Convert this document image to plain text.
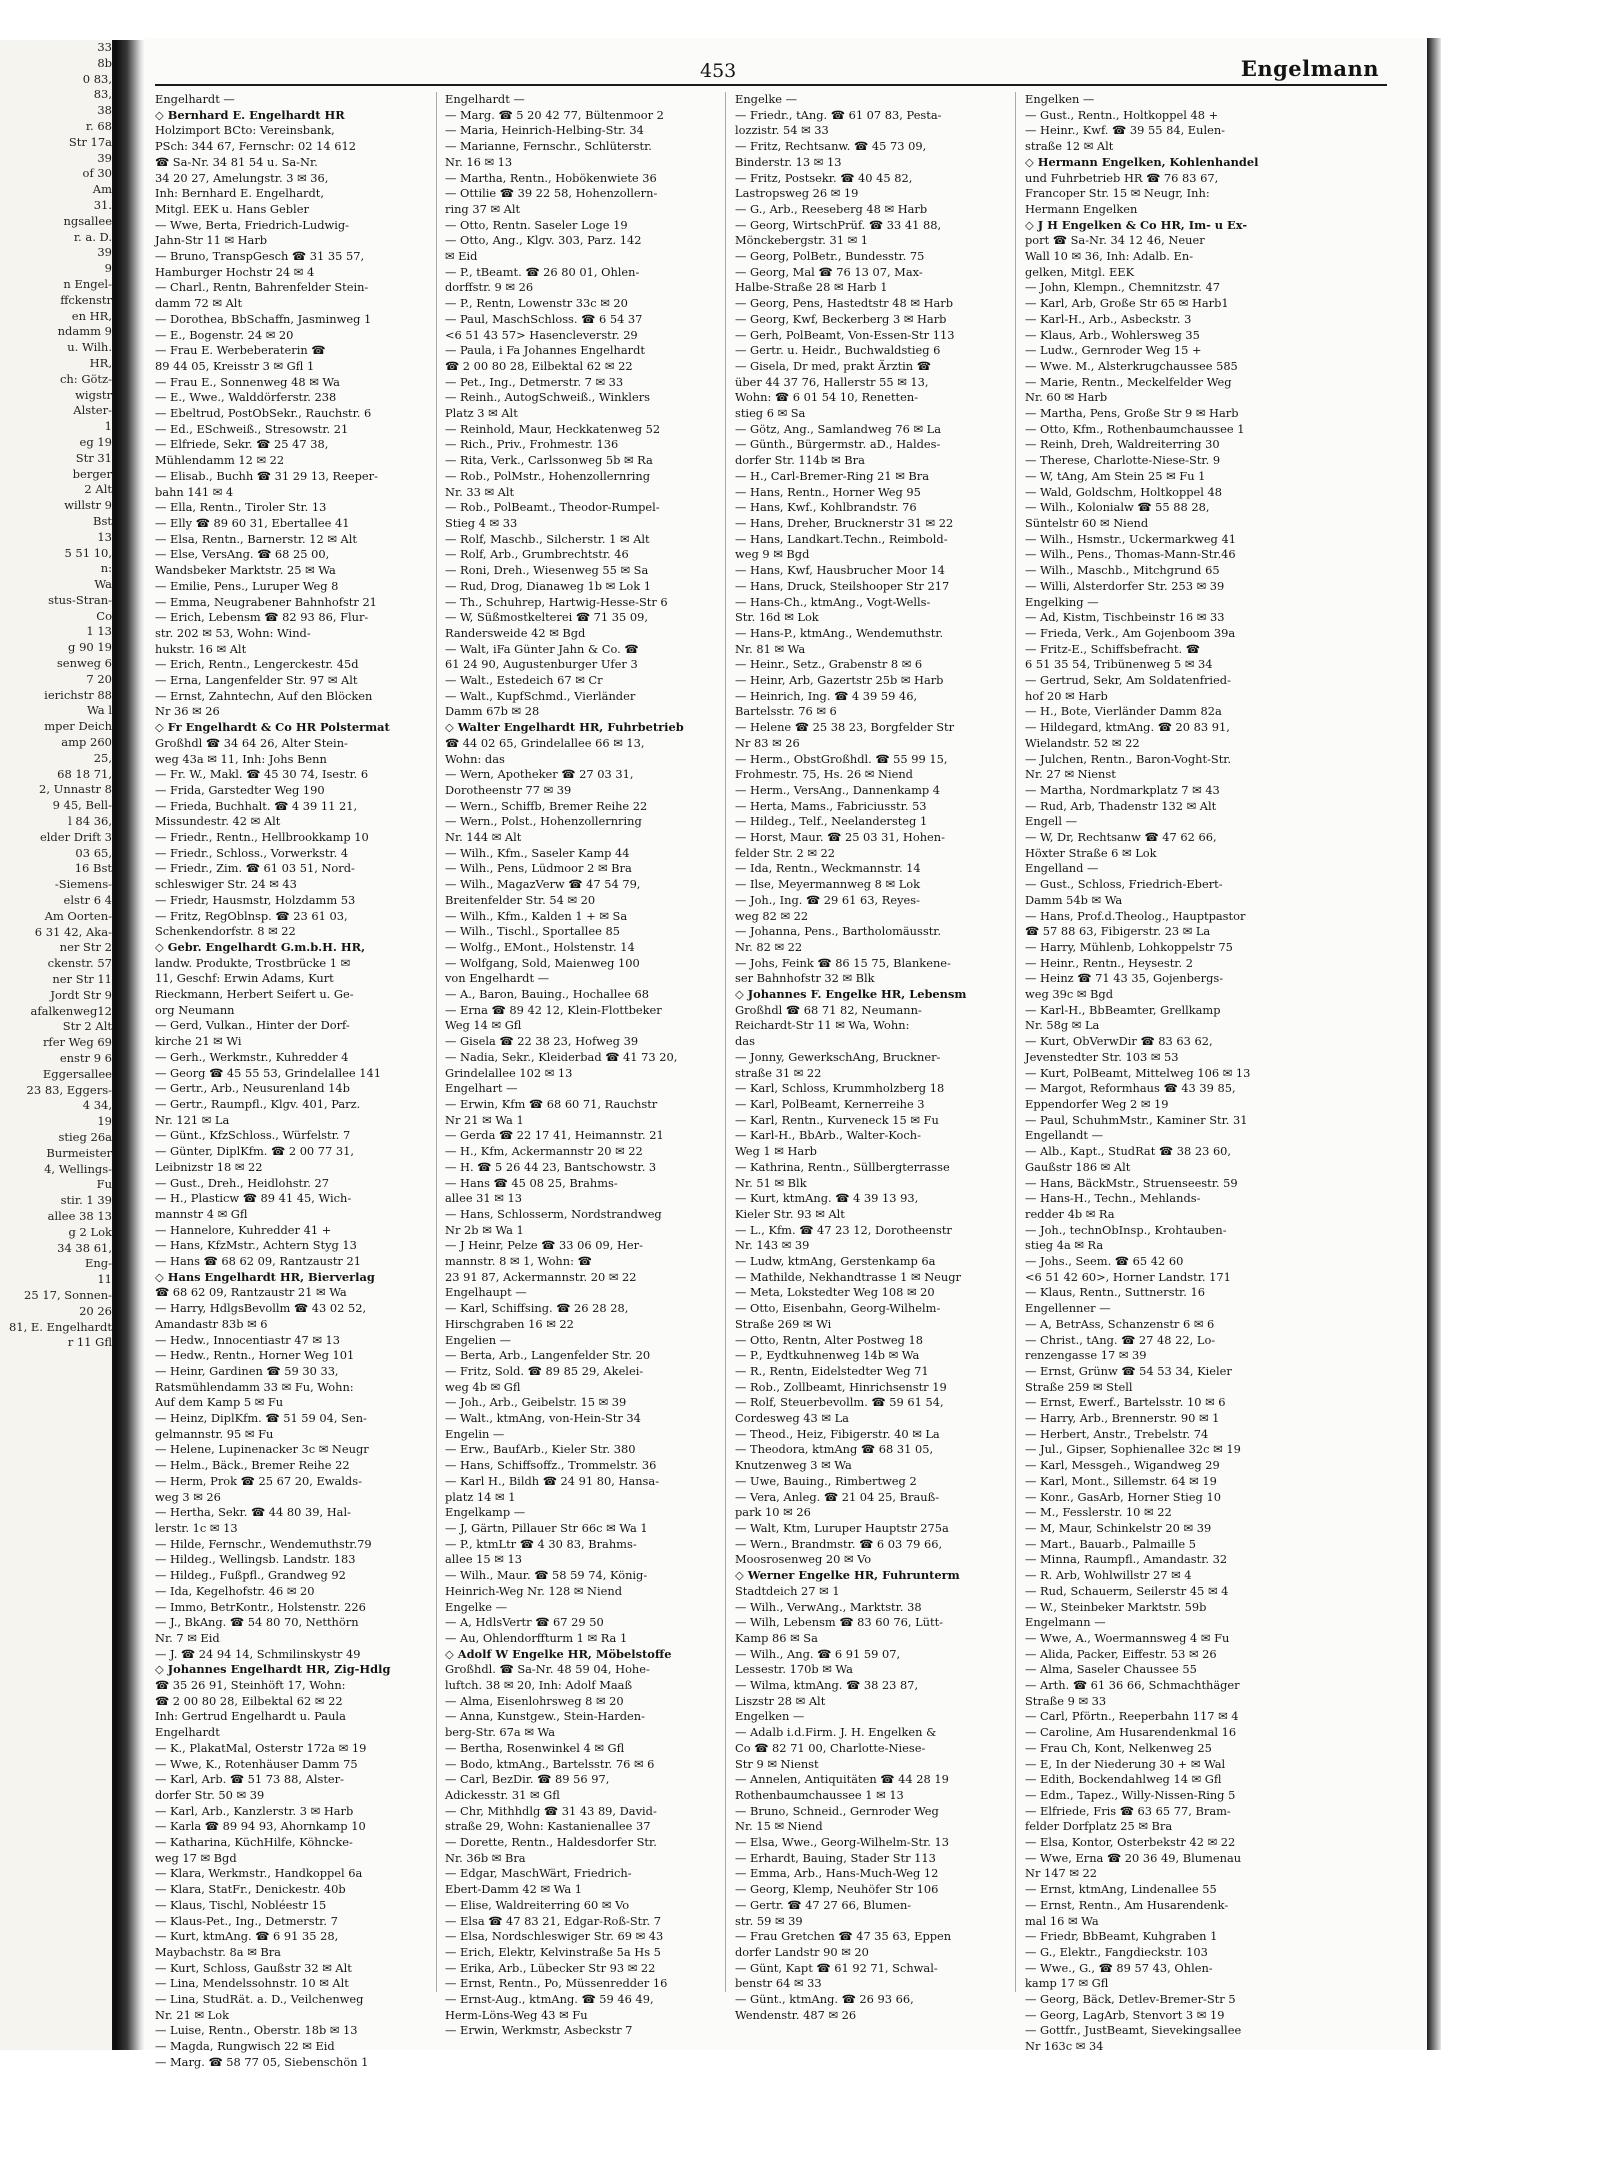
33
8b
0 83,
83,
38
r. 68
Str 17a
39
of 30
Am
31.
ngsallee
r. a. D.
39
9
n Engel-
ffckenstr
en HR,
ndamm 9
u. Wilh.
HR,
ch: Götz-
wigstr
Alster-
1
eg 19
Str 31
berger
2 Alt
willstr 9
Bst
13
5 51 10,
n:
Wa
stus-Stran-
Co
1 13
g 90 19
senweg 6
7 20
ierichstr 88
Wa l
mper Deich
amp 260
25,
68 18 71,
2, Unnastr 8
9 45, Bell-
l 84 36,
elder Drift 3
03 65,
16 Bst
-Siemens-
elstr 6 4
Am Oorten-
6 31 42, Aka-
ner Str 2
ckenstr. 57
ner Str 11
Jordt Str 9
afalkenweg12
Str 2 Alt
rfer Weg 69
enstr 9 6
Eggersallee
23 83, Eggers-
4 34,
19
stieg 26a
Burmeister
4, Wellings-
Fu
stir. 1 39
allee 38 13
g 2 Lok
34 38 61,
Eng-
11
25 17, Sonnen-
20 26
81, E. Engelhardt
r 11 Gfl
453	Engelmann
Engelhardt —
◇ Bernhard E. Engelhardt HR
Holzimport BCto: Vereinsbank,
PSch: 344 67, Fernschr: 02 14 612
☎ Sa-Nr. 34 81 54 u. Sa-Nr.
34 20 27, Amelungstr. 3 ✉ 36,
Inh: Bernhard E. Engelhardt,
Mitgl. EEK u. Hans Gebler
— Wwe, Berta, Friedrich-Ludwig-
Jahn-Str 11 ✉ Harb
— Bruno, TranspGesch ☎ 31 35 57,
Hamburger Hochstr 24 ✉ 4
— Charl., Rentn, Bahrenfelder Stein-
damm 72 ✉ Alt
— Dorothea, BbSchaffn, Jasminweg 1
— E., Bogenstr. 24 ✉ 20
— Frau E. Werbeberaterin ☎
89 44 05, Kreisstr 3 ✉ Gfl 1
— Frau E., Sonnenweg 48 ✉ Wa
— E., Wwe., Walddörferstr. 238
— Ebeltrud, PostObSekr., Rauchstr. 6
— Ed., ESchweiß., Stresowstr. 21
— Elfriede, Sekr. ☎ 25 47 38,
Mühlendamm 12 ✉ 22
— Elisab., Buchh ☎ 31 29 13, Reeper-
bahn 141 ✉ 4
— Ella, Rentn., Tiroler Str. 13
— Elly ☎ 89 60 31, Ebertallee 41
— Elsa, Rentn., Barnerstr. 12 ✉ Alt
— Else, VersAng. ☎ 68 25 00,
Wandsbeker Marktstr. 25 ✉ Wa
— Emilie, Pens., Luruper Weg 8
— Emma, Neugrabener Bahnhofstr 21
— Erich, Lebensm ☎ 82 93 86, Flur-
str. 202 ✉ 53, Wohn: Wind-
hukstr. 16 ✉ Alt
— Erich, Rentn., Lengerckestr. 45d
— Erna, Langenfelder Str. 97 ✉ Alt
— Ernst, Zahntechn, Auf den Blöcken
Nr 36 ✉ 26
◇ Fr Engelhardt & Co HR Polstermat
Großhdl ☎ 34 64 26, Alter Stein-
weg 43a ✉ 11, Inh: Johs Benn
— Fr. W., Makl. ☎ 45 30 74, Isestr. 6
— Frida, Garstedter Weg 190
— Frieda, Buchhalt. ☎ 4 39 11 21,
Missundestr. 42 ✉ Alt
— Friedr., Rentn., Hellbrookkamp 10
— Friedr., Schloss., Vorwerkstr. 4
— Friedr., Zim. ☎ 61 03 51, Nord-
schleswiger Str. 24 ✉ 43
— Friedr, Hausmstr, Holzdamm 53
— Fritz, RegOblnsp. ☎ 23 61 03,
Schenkendorfstr. 8 ✉ 22
◇ Gebr. Engelhardt G.m.b.H. HR,
landw. Produkte, Trostbrücke 1 ✉
11, Geschf: Erwin Adams, Kurt
Rieckmann, Herbert Seifert u. Ge-
org Neumann
— Gerd, Vulkan., Hinter der Dorf-
kirche 21 ✉ Wi
— Gerh., Werkmstr., Kuhredder 4
— Georg ☎ 45 55 53, Grindelallee 141
— Gertr., Arb., Neusurenland 14b
— Gertr., Raumpfl., Klgv. 401, Parz.
Nr. 121 ✉ La
— Günt., KfzSchloss., Würfelstr. 7
— Günter, DiplKfm. ☎ 2 00 77 31,
Leibnizstr 18 ✉ 22
— Gust., Dreh., Heidlohstr. 27
— H., Plasticw ☎ 89 41 45, Wich-
mannstr 4 ✉ Gfl
— Hannelore, Kuhredder 41 +
— Hans, KfzMstr., Achtern Styg 13
— Hans ☎ 68 62 09, Rantzaustr 21
◇ Hans Engelhardt HR, Bierverlag
☎ 68 62 09, Rantzaustr 21 ✉ Wa
— Harry, HdlgsBevollm ☎ 43 02 52,
Amandastr 83b ✉ 6
— Hedw., Innocentiastr 47 ✉ 13
— Hedw., Rentn., Horner Weg 101
— Heinr, Gardinen ☎ 59 30 33,
Ratsmühlendamm 33 ✉ Fu, Wohn:
Auf dem Kamp 5 ✉ Fu
— Heinz, DiplKfm. ☎ 51 59 04, Sen-
gelmannstr. 95 ✉ Fu
— Helene, Lupinenacker 3c ✉ Neugr
— Helm., Bäck., Bremer Reihe 22
— Herm, Prok ☎ 25 67 20, Ewalds-
weg 3 ✉ 26
— Hertha, Sekr. ☎ 44 80 39, Hal-
lerstr. 1c ✉ 13
— Hilde, Fernschr., Wendemuthstr.79
— Hildeg., Wellingsb. Landstr. 183
— Hildeg., Fußpfl., Grandweg 92
— Ida, Kegelhofstr. 46 ✉ 20
— Immo, BetrKontr., Holstenstr. 226
— J., BkAng. ☎ 54 80 70, Netthörn
Nr. 7 ✉ Eid
— J. ☎ 24 94 14, Schmilinskystr 49
◇ Johannes Engelhardt HR, Zig-Hdlg
☎ 35 26 91, Steinhöft 17, Wohn:
☎ 2 00 80 28, Eilbektal 62 ✉ 22
Inh: Gertrud Engelhardt u. Paula
Engelhardt
— K., PlakatMal, Osterstr 172a ✉ 19
— Wwe, K., Rotenhäuser Damm 75
— Karl, Arb. ☎ 51 73 88, Alster-
dorfer Str. 50 ✉ 39
— Karl, Arb., Kanzlerstr. 3 ✉ Harb
— Karla ☎ 89 94 93, Ahornkamp 10
— Katharina, KüchHilfe, Köhncke-
weg 17 ✉ Bgd
— Klara, Werkmstr., Handkoppel 6a
— Klara, StatFr., Denickestr. 40b
— Klaus, Tischl, Nobléestr 15
— Klaus-Pet., Ing., Detmerstr. 7
— Kurt, ktmAng. ☎ 6 91 35 28,
Maybachstr. 8a ✉ Bra
— Kurt, Schloss, Gaußstr 32 ✉ Alt
— Lina, Mendelssohnstr. 10 ✉ Alt
— Lina, StudRät. a. D., Veilchenweg
Nr. 21 ✉ Lok
— Luise, Rentn., Oberstr. 18b ✉ 13
— Magda, Rungwisch 22 ✉ Eid
— Marg. ☎ 58 77 05, Siebenschön 1
Engelhardt —
— Marg. ☎ 5 20 42 77, Bültenmoor 2
— Maria, Heinrich-Helbing-Str. 34
— Marianne, Fernschr., Schlüterstr.
Nr. 16 ✉ 13
— Martha, Rentn., Hobökenwiete 36
— Ottilie ☎ 39 22 58, Hohenzollern-
ring 37 ✉ Alt
— Otto, Rentn. Saseler Loge 19
— Otto, Ang., Klgv. 303, Parz. 142
✉ Eid
— P., tBeamt. ☎ 26 80 01, Ohlen-
dorffstr. 9 ✉ 26
— P., Rentn, Lowenstr 33c ✉ 20
— Paul, MaschSchloss. ☎ 6 54 37
<6 51 43 57> Hasencleverstr. 29
— Paula, i Fa Johannes Engelhardt
☎ 2 00 80 28, Eilbektal 62 ✉ 22
— Pet., Ing., Detmerstr. 7 ✉ 33
— Reinh., AutogSchweiß., Winklers
Platz 3 ✉ Alt
— Reinhold, Maur, Heckkatenweg 52
— Rich., Priv., Frohmestr. 136
— Rita, Verk., Carlssonweg 5b ✉ Ra
— Rob., PolMstr., Hohenzollernring
Nr. 33 ✉ Alt
— Rob., PolBeamt., Theodor-Rumpel-
Stieg 4 ✉ 33
— Rolf, Maschb., Silcherstr. 1 ✉ Alt
— Rolf, Arb., Grumbrechtstr. 46
— Roni, Dreh., Wiesenweg 55 ✉ Sa
— Rud, Drog, Dianaweg 1b ✉ Lok 1
— Th., Schuhrep, Hartwig-Hesse-Str 6
— W, Süßmostkelterei ☎ 71 35 09,
Randersweide 42 ✉ Bgd
— Walt, iFa Günter Jahn & Co. ☎
61 24 90, Augustenburger Ufer 3
— Walt., Estedeich 67 ✉ Cr
— Walt., KupfSchmd., Vierländer
Damm 67b ✉ 28
◇ Walter Engelhardt HR, Fuhrbetrieb
☎ 44 02 65, Grindelallee 66 ✉ 13,
Wohn: das
— Wern, Apotheker ☎ 27 03 31,
Dorotheenstr 77 ✉ 39
— Wern., Schiffb, Bremer Reihe 22
— Wern., Polst., Hohenzollernring
Nr. 144 ✉ Alt
— Wilh., Kfm., Saseler Kamp 44
— Wilh., Pens, Lüdmoor 2 ✉ Bra
— Wilh., MagazVerw ☎ 47 54 79,
Breitenfelder Str. 54 ✉ 20
— Wilh., Kfm., Kalden 1 + ✉ Sa
— Wilh., Tischl., Sportallee 85
— Wolfg., EMont., Holstenstr. 14
— Wolfgang, Sold, Maienweg 100
von Engelhardt —
— A., Baron, Bauing., Hochallee 68
— Erna ☎ 89 42 12, Klein-Flottbeker
Weg 14 ✉ Gfl
— Gisela ☎ 22 38 23, Hofweg 39
— Nadia, Sekr., Kleiderbad ☎ 41 73 20,
Grindelallee 102 ✉ 13
Engelhart —
— Erwin, Kfm ☎ 68 60 71, Rauchstr
Nr 21 ✉ Wa 1
— Gerda ☎ 22 17 41, Heimannstr. 21
— H., Kfm, Ackermannstr 20 ✉ 22
— H. ☎ 5 26 44 23, Bantschowstr. 3
— Hans ☎ 45 08 25, Brahms-
allee 31 ✉ 13
— Hans, Schlosserm, Nordstrandweg
Nr 2b ✉ Wa 1
— J Heinr, Pelze ☎ 33 06 09, Her-
mannstr. 8 ✉ 1, Wohn: ☎
23 91 87, Ackermannstr. 20 ✉ 22
Engelhaupt —
— Karl, Schiffsing. ☎ 26 28 28,
Hirschgraben 16 ✉ 22
Engelien —
— Berta, Arb., Langenfelder Str. 20
— Fritz, Sold. ☎ 89 85 29, Akelei-
weg 4b ✉ Gfl
— Joh., Arb., Geibelstr. 15 ✉ 39
— Walt., ktmAng, von-Hein-Str 34
Engelin —
— Erw., BaufArb., Kieler Str. 380
— Hans, Schiffsoffz., Trommelstr. 36
— Karl H., Bildh ☎ 24 91 80, Hansa-
platz 14 ✉ 1
Engelkamp —
— J, Gärtn, Pillauer Str 66c ✉ Wa 1
— P., ktmLtr ☎ 4 30 83, Brahms-
allee 15 ✉ 13
— Wilh., Maur. ☎ 58 59 74, König-
Heinrich-Weg Nr. 128 ✉ Niend
Engelke —
— A, HdlsVertr ☎ 67 29 50
— Au, Ohlendorffturm 1 ✉ Ra 1
◇ Adolf W Engelke HR, Möbelstoffe
Großhdl. ☎ Sa-Nr. 48 59 04, Hohe-
luftch. 38 ✉ 20, Inh: Adolf Maaß
— Alma, Eisenlohrsweg 8 ✉ 20
— Anna, Kunstgew., Stein-Harden-
berg-Str. 67a ✉ Wa
— Bertha, Rosenwinkel 4 ✉ Gfl
— Bodo, ktmAng., Bartelsstr. 76 ✉ 6
— Carl, BezDir. ☎ 89 56 97,
Adickesstr. 31 ✉ Gfl
— Chr, Mithhdlg ☎ 31 43 89, David-
straße 29, Wohn: Kastanienallee 37
— Dorette, Rentn., Haldesdorfer Str.
Nr. 36b ✉ Bra
— Edgar, MaschWärt, Friedrich-
Ebert-Damm 42 ✉ Wa 1
— Elise, Waldreiterring 60 ✉ Vo
— Elsa ☎ 47 83 21, Edgar-Roß-Str. 7
— Elsa, Nordschleswiger Str. 69 ✉ 43
— Erich, Elektr, Kelvinstraße 5a Hs 5
— Erika, Arb., Lübecker Str 93 ✉ 22
— Ernst, Rentn., Po, Müssenredder 16
— Ernst-Aug., ktmAng. ☎ 59 46 49,
Herm-Löns-Weg 43 ✉ Fu
— Erwin, Werkmstr, Asbeckstr 7
Engelke —
— Friedr., tAng. ☎ 61 07 83, Pesta-
lozzistr. 54 ✉ 33
— Fritz, Rechtsanw. ☎ 45 73 09,
Binderstr. 13 ✉ 13
— Fritz, Postsekr. ☎ 40 45 82,
Lastropsweg 26 ✉ 19
— G., Arb., Reeseberg 48 ✉ Harb
— Georg, WirtschPrüf. ☎ 33 41 88,
Mönckebergstr. 31 ✉ 1
— Georg, PolBetr., Bundesstr. 75
— Georg, Mal ☎ 76 13 07, Max-
Halbe-Straße 28 ✉ Harb 1
— Georg, Pens, Hastedtstr 48 ✉ Harb
— Georg, Kwf, Beckerberg 3 ✉ Harb
— Gerh, PolBeamt, Von-Essen-Str 113
— Gertr. u. Heidr., Buchwaldstieg 6
— Gisela, Dr med, prakt Ärztin ☎
über 44 37 76, Hallerstr 55 ✉ 13,
Wohn: ☎ 6 01 54 10, Renetten-
stieg 6 ✉ Sa
— Götz, Ang., Samlandweg 76 ✉ La
— Günth., Bürgermstr. aD., Haldes-
dorfer Str. 114b ✉ Bra
— H., Carl-Bremer-Ring 21 ✉ Bra
— Hans, Rentn., Horner Weg 95
— Hans, Kwf., Kohlbrandstr. 76
— Hans, Dreher, Brucknerstr 31 ✉ 22
— Hans, Landkart.Techn., Reimbold-
weg 9 ✉ Bgd
— Hans, Kwf, Hausbrucher Moor 14
— Hans, Druck, Steilshooper Str 217
— Hans-Ch., ktmAng., Vogt-Wells-
Str. 16d ✉ Lok
— Hans-P., ktmAng., Wendemuthstr.
Nr. 81 ✉ Wa
— Heinr., Setz., Grabenstr 8 ✉ 6
— Heinr, Arb, Gazertstr 25b ✉ Harb
— Heinrich, Ing. ☎ 4 39 59 46,
Bartelsstr. 76 ✉ 6
— Helene ☎ 25 38 23, Borgfelder Str
Nr 83 ✉ 26
— Herm., ObstGroßhdl. ☎ 55 99 15,
Frohmestr. 75, Hs. 26 ✉ Niend
— Herm., VersAng., Dannenkamp 4
— Herta, Mams., Fabriciusstr. 53
— Hildeg., Telf., Neelandersteg 1
— Horst, Maur. ☎ 25 03 31, Hohen-
felder Str. 2 ✉ 22
— Ida, Rentn., Weckmannstr. 14
— Ilse, Meyermannweg 8 ✉ Lok
— Joh., Ing. ☎ 29 61 63, Reyes-
weg 82 ✉ 22
— Johanna, Pens., Bartholomäusstr.
Nr. 82 ✉ 22
— Johs, Feink ☎ 86 15 75, Blankene-
ser Bahnhofstr 32 ✉ Blk
◇ Johannes F. Engelke HR, Lebensm
Großhdl ☎ 68 71 82, Neumann-
Reichardt-Str 11 ✉ Wa, Wohn:
das
— Jonny, GewerkschAng, Bruckner-
straße 31 ✉ 22
— Karl, Schloss, Krummholzberg 18
— Karl, PolBeamt, Kernerreihe 3
— Karl, Rentn., Kurveneck 15 ✉ Fu
— Karl-H., BbArb., Walter-Koch-
Weg 1 ✉ Harb
— Kathrina, Rentn., Süllbergterrasse
Nr. 51 ✉ Blk
— Kurt, ktmAng. ☎ 4 39 13 93,
Kieler Str. 93 ✉ Alt
— L., Kfm. ☎ 47 23 12, Dorotheenstr
Nr. 143 ✉ 39
— Ludw, ktmAng, Gerstenkamp 6a
— Mathilde, Nekhandtrasse 1 ✉ Neugr
— Meta, Lokstedter Weg 108 ✉ 20
— Otto, Eisenbahn, Georg-Wilhelm-
Straße 269 ✉ Wi
— Otto, Rentn, Alter Postweg 18
— P., Eydtkuhnenweg 14b ✉ Wa
— R., Rentn, Eidelstedter Weg 71
— Rob., Zollbeamt, Hinrichsenstr 19
— Rolf, Steuerbevollm. ☎ 59 61 54,
Cordesweg 43 ✉ La
— Theod., Heiz, Fibigerstr. 40 ✉ La
— Theodora, ktmAng ☎ 68 31 05,
Knutzenweg 3 ✉ Wa
— Uwe, Bauing., Rimbertweg 2
— Vera, Anleg. ☎ 21 04 25, Brauß-
park 10 ✉ 26
— Walt, Ktm, Luruper Hauptstr 275a
— Wern., Brandmstr. ☎ 6 03 79 66,
Moosrosenweg 20 ✉ Vo
◇ Werner Engelke HR, Fuhrunterm
Stadtdeich 27 ✉ 1
— Wilh., VerwAng., Marktstr. 38
— Wilh, Lebensm ☎ 83 60 76, Lütt-
Kamp 86 ✉ Sa
— Wilh., Ang. ☎ 6 91 59 07,
Lessestr. 170b ✉ Wa
— Wilma, ktmAng. ☎ 38 23 87,
Liszstr 28 ✉ Alt
Engelken —
— Adalb i.d.Firm. J. H. Engelken &
Co ☎ 82 71 00, Charlotte-Niese-
Str 9 ✉ Nienst
— Annelen, Antiquitäten ☎ 44 28 19
Rothenbaumchaussee 1 ✉ 13
— Bruno, Schneid., Gernroder Weg
Nr. 15 ✉ Niend
— Elsa, Wwe., Georg-Wilhelm-Str. 13
— Erhardt, Bauing, Stader Str 113
— Emma, Arb., Hans-Much-Weg 12
— Georg, Klemp, Neuhöfer Str 106
— Gertr. ☎ 47 27 66, Blumen-
str. 59 ✉ 39
— Frau Gretchen ☎ 47 35 63, Eppen
dorfer Landstr 90 ✉ 20
— Günt, Kapt ☎ 61 92 71, Schwal-
benstr 64 ✉ 33
— Günt., ktmAng. ☎ 26 93 66,
Wendenstr. 487 ✉ 26
Engelken —
— Gust., Rentn., Holtkoppel 48 +
— Heinr., Kwf. ☎ 39 55 84, Eulen-
straße 12 ✉ Alt
◇ Hermann Engelken, Kohlenhandel
und Fuhrbetrieb HR ☎ 76 83 67,
Francoper Str. 15 ✉ Neugr, Inh:
Hermann Engelken
◇ J H Engelken & Co HR, Im- u Ex-
port ☎ Sa-Nr. 34 12 46, Neuer
Wall 10 ✉ 36, Inh: Adalb. En-
gelken, Mitgl. EEK
— John, Klempn., Chemnitzstr. 47
— Karl, Arb, Große Str 65 ✉ Harb1
— Karl-H., Arb., Asbeckstr. 3
— Klaus, Arb., Wohlersweg 35
— Ludw., Gernroder Weg 15 +
— Wwe. M., Alsterkrugchaussee 585
— Marie, Rentn., Meckelfelder Weg
Nr. 60 ✉ Harb
— Martha, Pens, Große Str 9 ✉ Harb
— Otto, Kfm., Rothenbaumchaussee 1
— Reinh, Dreh, Waldreiterring 30
— Therese, Charlotte-Niese-Str. 9
— W, tAng, Am Stein 25 ✉ Fu 1
— Wald, Goldschm, Holtkoppel 48
— Wilh., Kolonialw ☎ 55 88 28,
Süntelstr 60 ✉ Niend
— Wilh., Hsmstr., Uckermarkweg 41
— Wilh., Pens., Thomas-Mann-Str.46
— Wilh., Maschb., Mitchgrund 65
— Willi, Alsterdorfer Str. 253 ✉ 39
Engelking —
— Ad, Kistm, Tischbeinstr 16 ✉ 33
— Frieda, Verk., Am Gojenboom 39a
— Fritz-E., Schiffsbefracht. ☎
6 51 35 54, Tribünenweg 5 ✉ 34
— Gertrud, Sekr, Am Soldatenfried-
hof 20 ✉ Harb
— H., Bote, Vierländer Damm 82a
— Hildegard, ktmAng. ☎ 20 83 91,
Wielandstr. 52 ✉ 22
— Julchen, Rentn., Baron-Voght-Str.
Nr. 27 ✉ Nienst
— Martha, Nordmarkplatz 7 ✉ 43
— Rud, Arb, Thadenstr 132 ✉ Alt
Engell —
— W, Dr, Rechtsanw ☎ 47 62 66,
Höxter Straße 6 ✉ Lok
Engelland —
— Gust., Schloss, Friedrich-Ebert-
Damm 54b ✉ Wa
— Hans, Prof.d.Theolog., Hauptpastor
☎ 57 88 63, Fibigerstr. 23 ✉ La
— Harry, Mühlenb, Lohkoppelstr 75
— Heinr., Rentn., Heysestr. 2
— Heinz ☎ 71 43 35, Gojenbergs-
weg 39c ✉ Bgd
— Karl-H., BbBeamter, Grellkamp
Nr. 58g ✉ La
— Kurt, ObVerwDir ☎ 83 63 62,
Jevenstedter Str. 103 ✉ 53
— Kurt, PolBeamt, Mittelweg 106 ✉ 13
— Margot, Reformhaus ☎ 43 39 85,
Eppendorfer Weg 2 ✉ 19
— Paul, SchuhmMstr., Kaminer Str. 31
Engellandt —
— Alb., Kapt., StudRat ☎ 38 23 60,
Gaußstr 186 ✉ Alt
— Hans, BäckMstr., Struenseestr. 59
— Hans-H., Techn., Mehlands-
redder 4b ✉ Ra
— Joh., technObInsp., Krohtauben-
stieg 4a ✉ Ra
— Johs., Seem. ☎ 65 42 60
<6 51 42 60>, Horner Landstr. 171
— Klaus, Rentn., Suttnerstr. 16
Engellenner —
— A, BetrAss, Schanzenstr 6 ✉ 6
— Christ., tAng. ☎ 27 48 22, Lo-
renzengasse 17 ✉ 39
— Ernst, Grünw ☎ 54 53 34, Kieler
Straße 259 ✉ Stell
— Ernst, Ewerf., Bartelsstr. 10 ✉ 6
— Harry, Arb., Brennerstr. 90 ✉ 1
— Herbert, Anstr., Trebelstr. 74
— Jul., Gipser, Sophienallee 32c ✉ 19
— Karl, Messgeh., Wigandweg 29
— Karl, Mont., Sillemstr. 64 ✉ 19
— Konr., GasArb, Horner Stieg 10
— M., Fesslerstr. 10 ✉ 22
— M, Maur, Schinkelstr 20 ✉ 39
— Mart., Bauarb., Palmaille 5
— Minna, Raumpfl., Amandastr. 32
— R. Arb, Wohlwillstr 27 ✉ 4
— Rud, Schauerm, Seilerstr 45 ✉ 4
— W., Steinbeker Marktstr. 59b
Engelmann —
— Wwe, A., Woermannsweg 4 ✉ Fu
— Alida, Packer, Eiffestr. 53 ✉ 26
— Alma, Saseler Chaussee 55
— Arth. ☎ 61 36 66, Schmachthäger
Straße 9 ✉ 33
— Carl, Pförtn., Reeperbahn 117 ✉ 4
— Caroline, Am Husarendenkmal 16
— Frau Ch, Kont, Nelkenweg 25
— E, In der Niederung 30 + ✉ Wal
— Edith, Bockendahlweg 14 ✉ Gfl
— Edm., Tapez., Willy-Nissen-Ring 5
— Elfriede, Fris ☎ 63 65 77, Bram-
felder Dorfplatz 25 ✉ Bra
— Elsa, Kontor, Osterbekstr 42 ✉ 22
— Wwe, Erna ☎ 20 36 49, Blumenau
Nr 147 ✉ 22
— Ernst, ktmAng, Lindenallee 55
— Ernst, Rentn., Am Husarendenk-
mal 16 ✉ Wa
— Friedr, BbBeamt, Kuhgraben 1
— G., Elektr., Fangdieckstr. 103
— Wwe., G., ☎ 89 57 43, Ohlen-
kamp 17 ✉ Gfl
— Georg, Bäck, Detlev-Bremer-Str 5
— Georg, LagArb, Stenvort 3 ✉ 19
— Gottfr., JustBeamt, Sievekingsallee
Nr 163c ✉ 34
